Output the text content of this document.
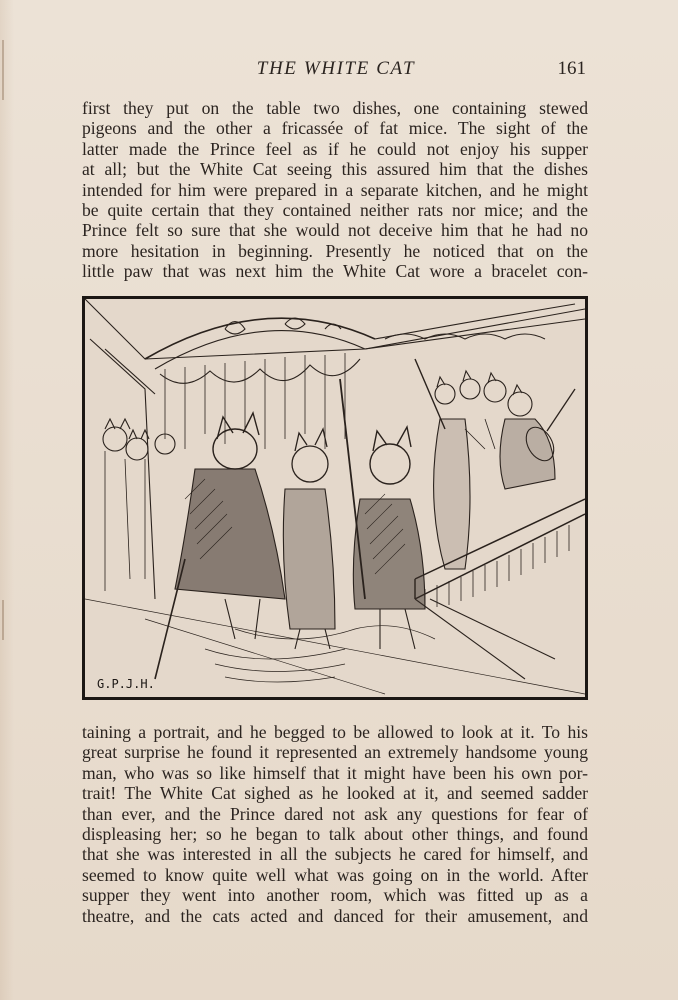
THE WHITE CAT	161
first they put on the table two dishes, one containing stewed
pigeons and the other a fricassée of fat mice. The sight of the
latter made the Prince feel as if he could not enjoy his supper
at all; but the White Cat seeing this assured him that the dishes
intended for him were prepared in a separate kitchen, and he might
be quite certain that they contained neither rats nor mice; and the
Prince felt so sure that she would not deceive him that he had no
more hesitation in beginning. Presently he noticed that on the
little paw that was next him the White Cat wore a bracelet con-
G.P.J.H.
taining a portrait, and he begged to be allowed to look at it. To his
great surprise he found it represented an extremely handsome young
man, who was so like himself that it might have been his own por-
trait! The White Cat sighed as he looked at it, and seemed sadder
than ever, and the Prince dared not ask any questions for fear of
displeasing her; so he began to talk about other things, and found
that she was interested in all the subjects he cared for himself, and
seemed to know quite well what was going on in the world. After
supper they went into another room, which was fitted up as a
theatre, and the cats acted and danced for their amusement, and
